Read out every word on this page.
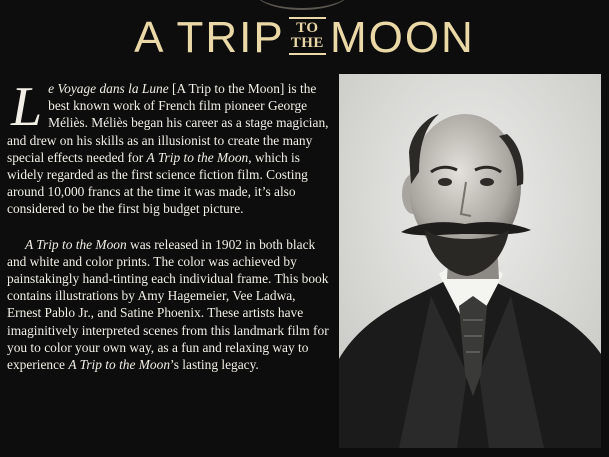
A TRIP TO
THE MOON

Le Voyage dans la Lune [A Trip to the Moon] is the best known work of French film pioneer George Méliès. Méliès began his career as a stage magician, and drew on his skills as an illusionist to create the many special effects needed for A Trip to the Moon, which is widely regarded as the first science fiction film. Costing around 10,000 francs at the time it was made, it’s also considered to be the first big budget picture.

A Trip to the Moon was released in 1902 in both black and white and color prints. The color was achieved by painstakingly hand-tinting each individual frame. This book contains illustrations by Amy Hagemeier, Vee Ladwa, Ernest Pablo Jr., and Satine Phoenix. These artists have imaginitively interpreted scenes from this landmark film for you to color your own way, as a fun and relaxing way to experience A Trip to the Moon’s lasting legacy.
